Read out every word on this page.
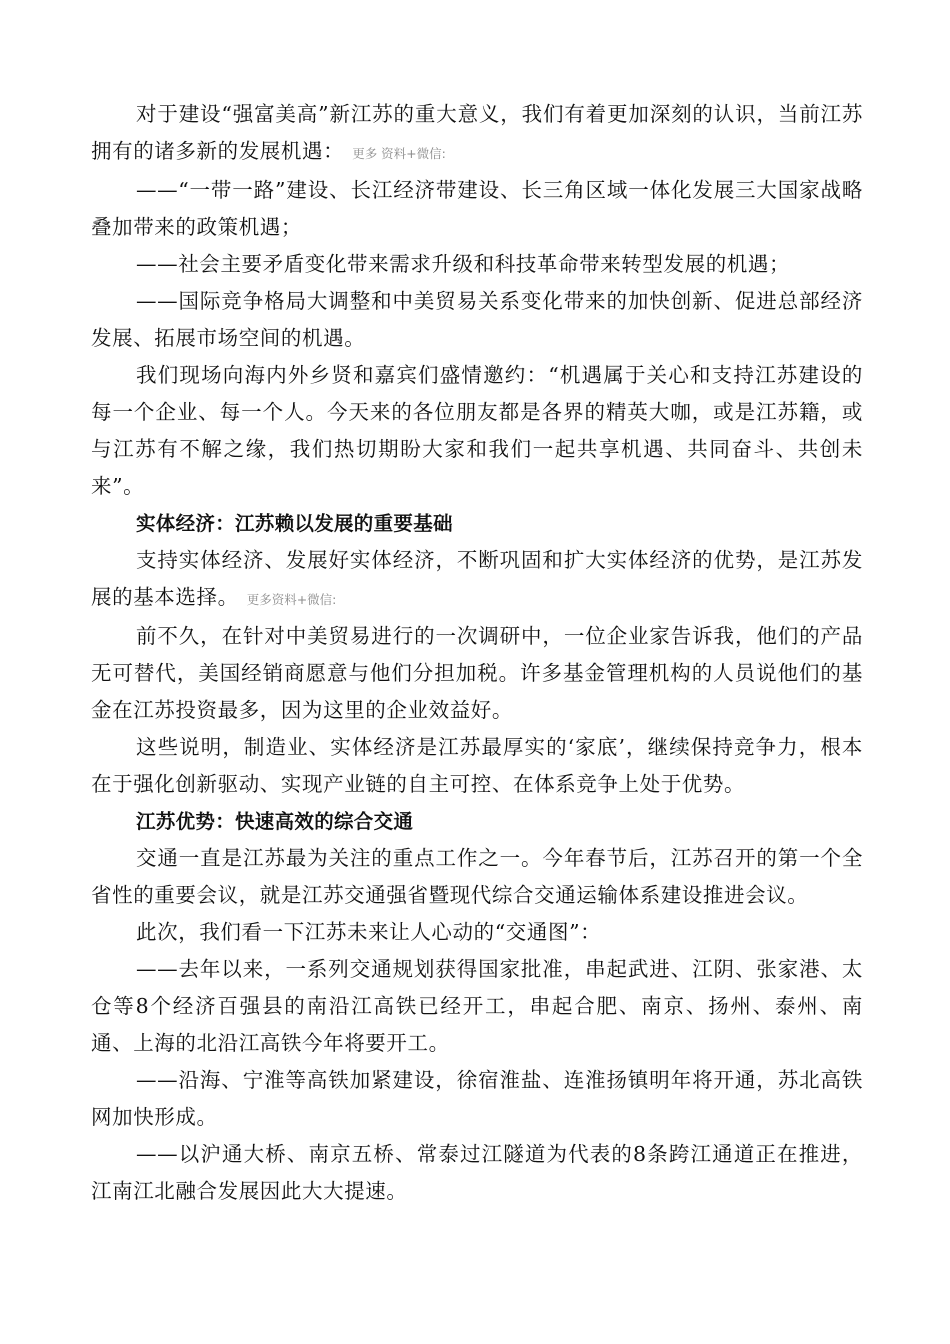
对于建设“强富美高”新江苏的重大意义，我们有着更加深刻的认识，当前江苏拥有的诸多新的发展机遇： 更多 资料+微信:

——“一带一路”建设、长江经济带建设、长三角区域一体化发展三大国家战略叠加带来的政策机遇；

——社会主要矛盾变化带来需求升级和科技革命带来转型发展的机遇；

——国际竞争格局大调整和中美贸易关系变化带来的加快创新、促进总部经济发展、拓展市场空间的机遇。

我们现场向海内外乡贤和嘉宾们盛情邀约：“机遇属于关心和支持江苏建设的每一个企业、每一个人。今天来的各位朋友都是各界的精英大咖，或是江苏籍，或与江苏有不解之缘，我们热切期盼大家和我们一起共享机遇、共同奋斗、共创未来”。

实体经济：江苏赖以发展的重要基础

支持实体经济、发展好实体经济，不断巩固和扩大实体经济的优势，是江苏发展的基本选择。 更多资料+微信:

前不久，在针对中美贸易进行的一次调研中，一位企业家告诉我，他们的产品无可替代，美国经销商愿意与他们分担加税。许多基金管理机构的人员说他们的基金在江苏投资最多，因为这里的企业效益好。

这些说明，制造业、实体经济是江苏最厚实的‘家底’，继续保持竞争力，根本在于强化创新驱动、实现产业链的自主可控、在体系竞争上处于优势。

江苏优势：快速高效的综合交通

交通一直是江苏最为关注的重点工作之一。今年春节后，江苏召开的第一个全省性的重要会议，就是江苏交通强省暨现代综合交通运输体系建设推进会议。

此次，我们看一下江苏未来让人心动的“交通图”：

——去年以来，一系列交通规划获得国家批准，串起武进、江阴、张家港、太仓等8个经济百强县的南沿江高铁已经开工，串起合肥、南京、扬州、泰州、南通、上海的北沿江高铁今年将要开工。

——沿海、宁淮等高铁加紧建设，徐宿淮盐、连淮扬镇明年将开通，苏北高铁网加快形成。

——以沪通大桥、南京五桥、常泰过江隧道为代表的8条跨江通道正在推进，江南江北融合发展因此大大提速。
